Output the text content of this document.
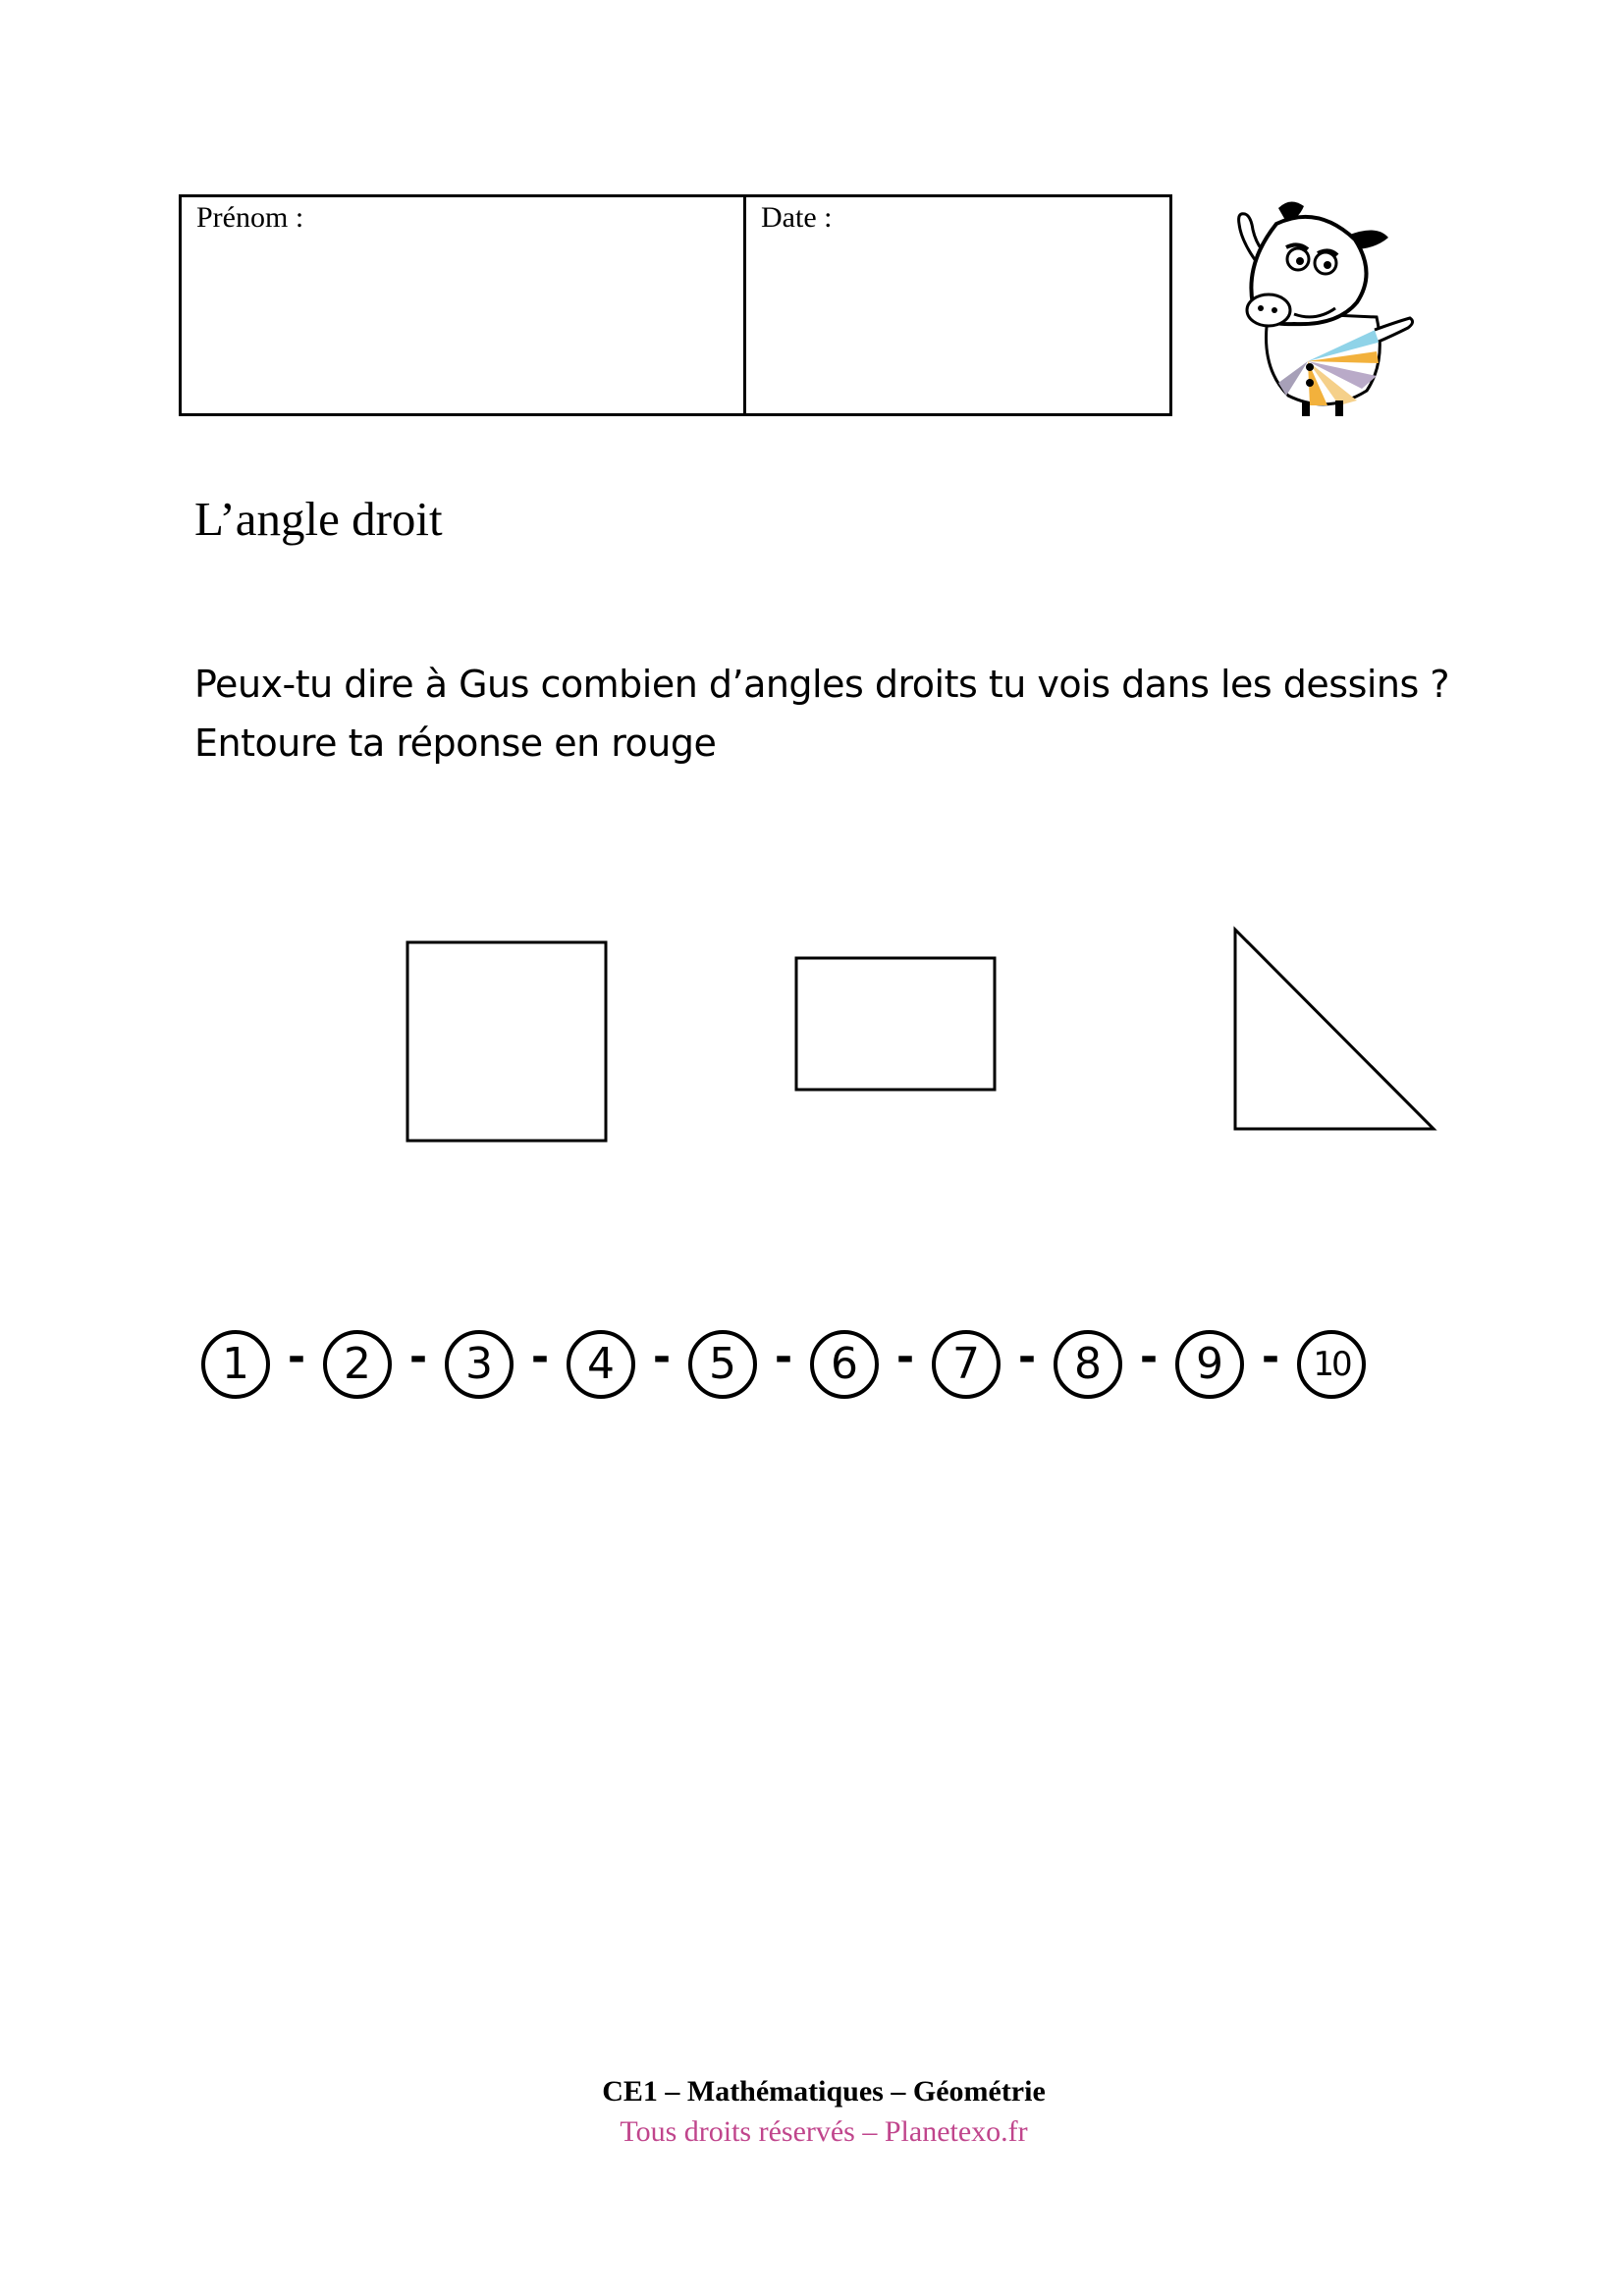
Prénom :	Date :
L’angle droit
Peux-tu dire à Gus combien d’angles droits tu vois dans les dessins ?
Entoure ta réponse en rouge
1 - 2 - 3 - 4 - 5 - 6 - 7 - 8 - 9 -	10
CE1 – Mathématiques – Géométrie
Tous droits réservés – Planetexo.fr
